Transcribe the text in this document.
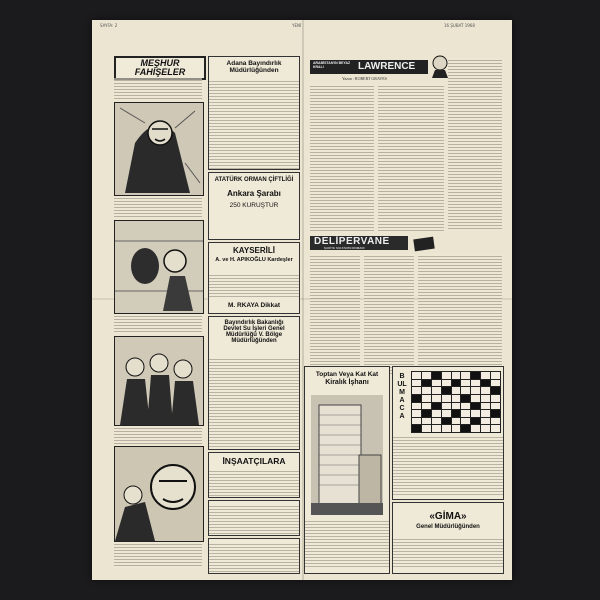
SAYFA: 2	YENİ	16 ŞUBAT 1968
MEŞHUR
FAHİŞELER
Adana Bayındırlık
Müdürlüğünden
ATATÜRK ORMAN ÇİFTLİĞİ
Ankara Şarabı
250 KURUŞTUR
KAYSERİLİ
A. ve H. APIKOĞLU Kardeşler
M. RKAYA Dikkat
Bayındırlık Bakanlığı
Devlet Su İşleri Genel
Müdürlüğü V. Bölge
Müdürlüğünden
İNŞAATÇILARA
ARABİSTAN'IN BEYAZ KRALI	LAWRENCE
Yazan : ROBERT GRAVES
DELİPERVANE
ŞAKİYE SULTAN'IN ROMANI
Toptan Veya Kat Kat
Kiralık İşhanı
BULMACA
«GİMA»
Genel Müdürlüğünden
